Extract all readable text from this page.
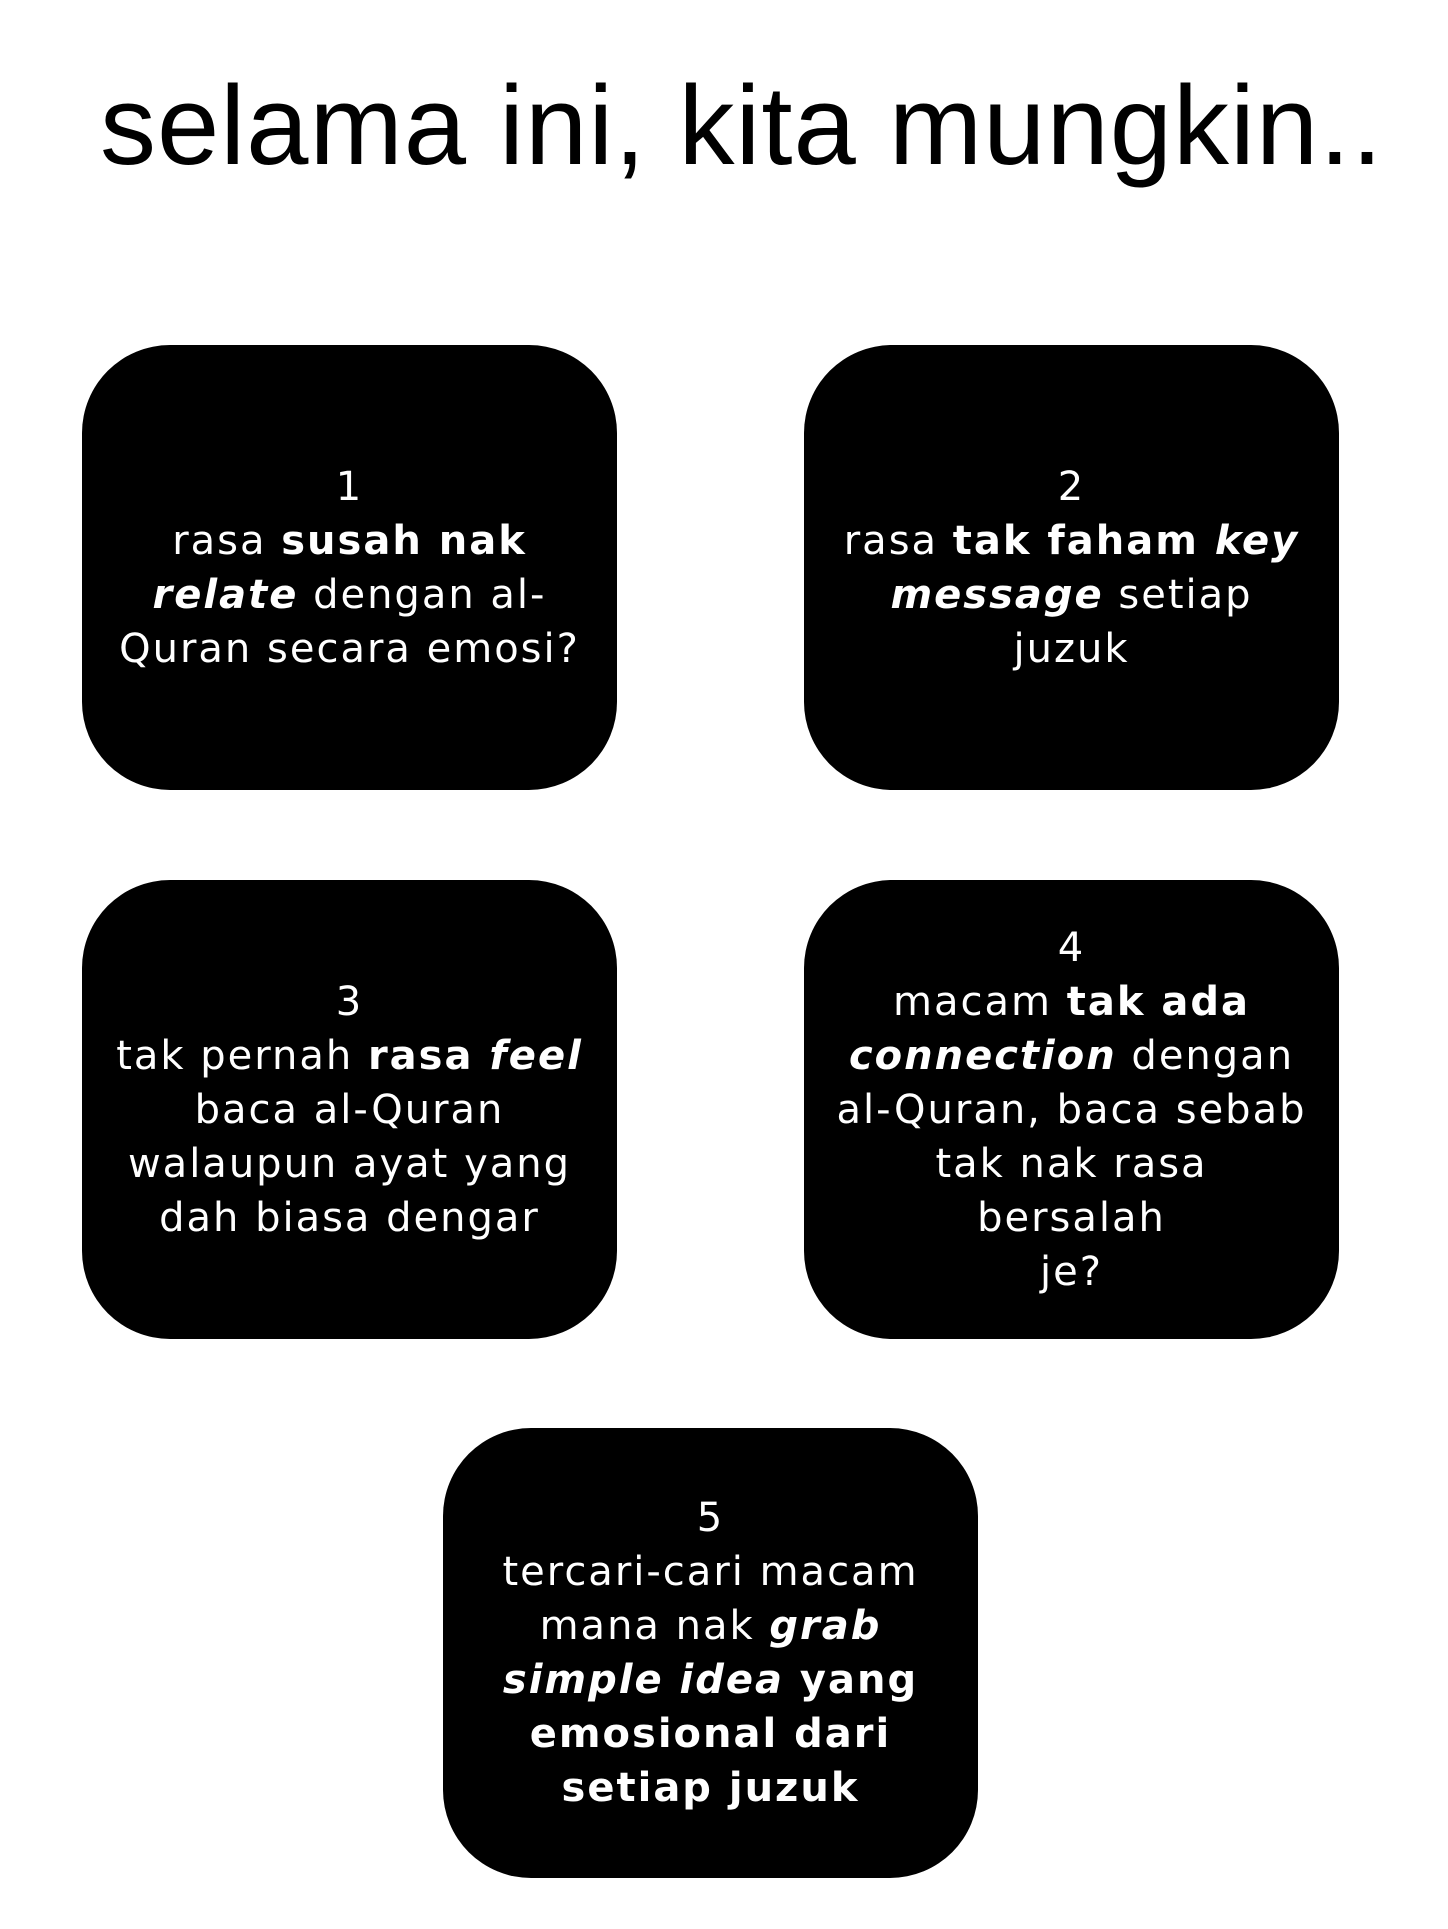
selama ini, kita mungkin..
1
rasa susah nak
relate dengan al-
Quran secara emosi?
2
rasa tak faham key
message setiap juzuk
3
tak pernah rasa feel
baca al-Quran
walaupun ayat yang
dah biasa dengar
4
macam tak ada
connection dengan
al-Quran, baca sebab
tak nak rasa bersalah
je?
5
tercari-cari macam
mana nak grab
simple idea yang
emosional dari
setiap juzuk
